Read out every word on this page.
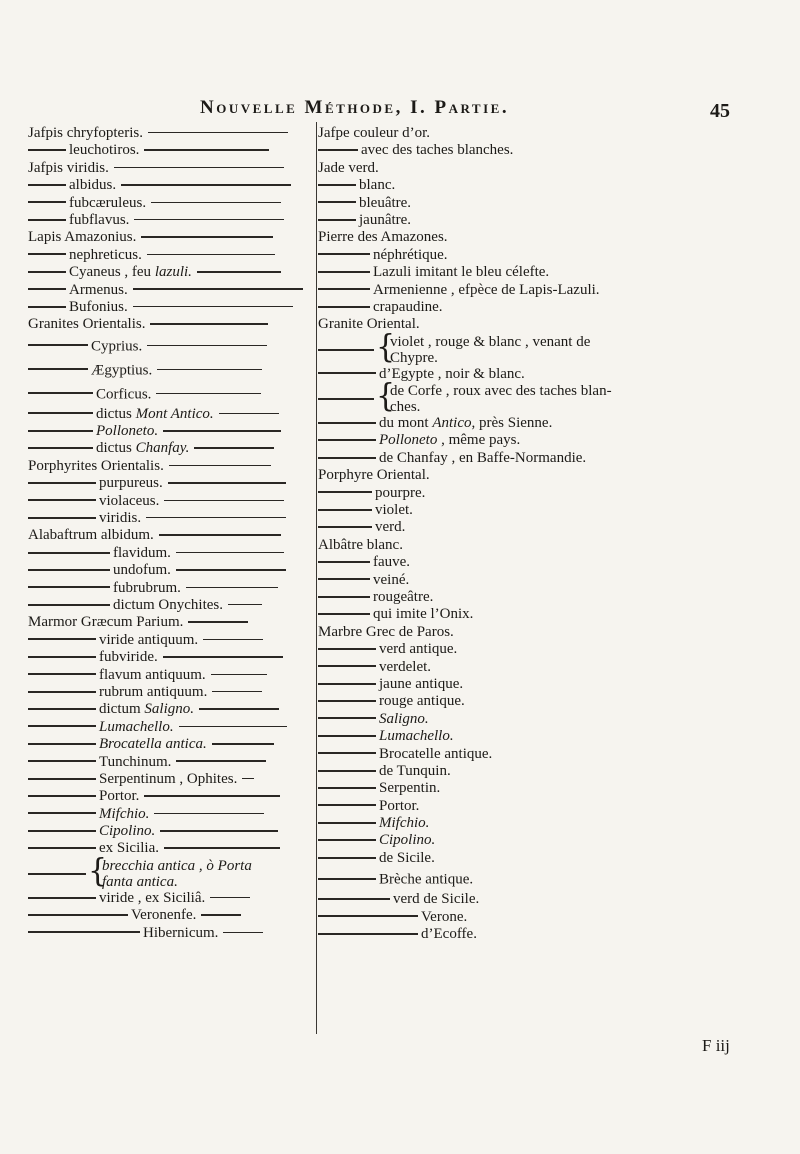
Nouvelle Méthode, I. Partie.	45
Jafpis chryfopteris.
leuchotiros.
Jafpis viridis.
albidus.
fubcæruleus.
fubflavus.
Lapis Amazonius.
nephreticus.
Cyaneus , feu lazuli.
Armenus.
Bufonius.
Granites Orientalis.
Cyprius.
Ægyptius.
Corficus.
dictus Mont Antico.
Polloneto.
dictus Chanfay.
Porphyrites Orientalis.
purpureus.
violaceus.
viridis.
Alabaftrum albidum.
flavidum.
undofum.
fubrubrum.
dictum Onychites.
Marmor Græcum Parium.
viride antiquum.
fubviride.
flavum antiquum.
rubrum antiquum.
dictum Saligno.
Lumachello.
Brocatella antica.
Tunchinum.
Serpentinum , Ophites.
Portor.
Mifchio.
Cipolino.
ex Sicilia.
{
brecchia antica , ò Porta
fanta antica.
viride , ex Siciliâ.
Veronenfe.
Hibernicum.
Jafpe couleur d’or.
avec des taches blanches.
Jade verd.
blanc.
bleuâtre.
jaunâtre.
Pierre des Amazones.
néphrétique.
Lazuli imitant le bleu célefte.
Armenienne , efpèce de Lapis-Lazuli.
crapaudine.
Granite Oriental.
{
violet , rouge & blanc , venant de
Chypre.
d’Egypte , noir & blanc.
{
de Corfe , roux avec des taches blan-
ches.
du mont Antico, près Sienne.
Polloneto , même pays.
de Chanfay , en Baffe-Normandie.
Porphyre Oriental.
pourpre.
violet.
verd.
Albâtre blanc.
fauve.
veiné.
rougeâtre.
qui imite l’Onix.
Marbre Grec de Paros.
verd antique.
verdelet.
jaune antique.
rouge antique.
Saligno.
Lumachello.
Brocatelle antique.
de Tunquin.
Serpentin.
Portor.
Mifchio.
Cipolino.
de Sicile.
Brèche antique.
verd de Sicile.
Verone.
d’Ecoffe.
F iij
